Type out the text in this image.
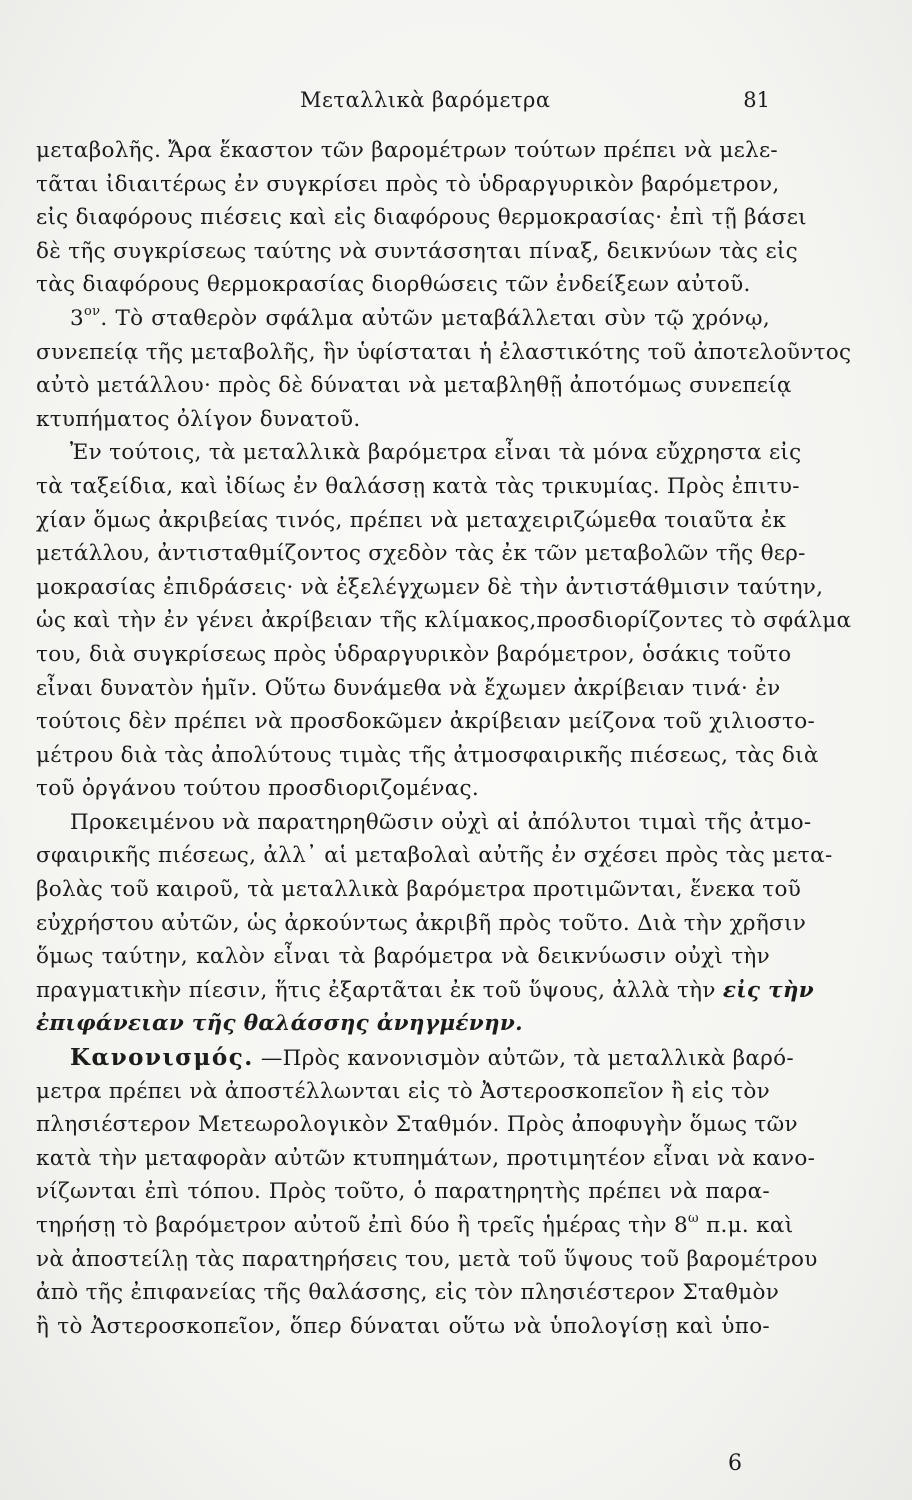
Μεταλλικὰ βαρόμετρα	81
μεταβολῆς. Ἄρα ἕκαστον τῶν βαρομέτρων τούτων πρέπει νὰ μελε-
τᾶται ἰδιαιτέρως ἐν συγκρίσει πρὸς τὸ ὑδραργυρικὸν βαρόμετρον,
εἰς διαφόρους πιέσεις καὶ εἰς διαφόρους θερμοκρασίας· ἐπὶ τῇ βάσει
δὲ τῆς συγκρίσεως ταύτης νὰ συντάσσηται πίναξ, δεικνύων τὰς εἰς
τὰς διαφόρους θερμοκρασίας διορθώσεις τῶν ἐνδείξεων αὐτοῦ.
$3^{o\nu}$. Τὸ σταθερὸν σφάλμα αὐτῶν μεταβάλλεται σὺν τῷ χρόνῳ,
συνεπείᾳ τῆς μεταβολῆς, ἣν ὑφίσταται ἡ ἐλαστικότης τοῦ ἀποτελοῦντος
αὐτὸ μετάλλου· πρὸς δὲ δύναται νὰ μεταβληθῇ ἀποτόμως συνεπείᾳ
κτυπήματος ὀλίγον δυνατοῦ.
Ἐν τούτοις, τὰ μεταλλικὰ βαρόμετρα εἶναι τὰ μόνα εὔχρηστα εἰς
τὰ ταξείδια, καὶ ἰδίως ἐν θαλάσσῃ κατὰ τὰς τρικυμίας. Πρὸς ἐπιτυ-
χίαν ὅμως ἀκριβείας τινός, πρέπει νὰ μεταχειριζώμεθα τοιαῦτα ἐκ
μετάλλου, ἀντισταθμίζοντος σχεδὸν τὰς ἐκ τῶν μεταβολῶν τῆς θερ-
μοκρασίας ἐπιδράσεις· νὰ ἐξελέγχωμεν δὲ τὴν ἀντιστάθμισιν ταύτην,
ὡς καὶ τὴν ἐν γένει ἀκρίβειαν τῆς κλίμακος,προσδιορίζοντες τὸ σφάλμα
του, διὰ συγκρίσεως πρὸς ὑδραργυρικὸν βαρόμετρον, ὁσάκις τοῦτο
εἶναι δυνατὸν ἡμῖν. Οὕτω δυνάμεθα νὰ ἔχωμεν ἀκρίβειαν τινά· ἐν
τούτοις δὲν πρέπει νὰ προσδοκῶμεν ἀκρίβειαν μείζονα τοῦ χιλιοστο-
μέτρου διὰ τὰς ἀπολύτους τιμὰς τῆς ἀτμοσφαιρικῆς πιέσεως, τὰς διὰ
τοῦ ὀργάνου τούτου προσδιοριζομένας.
Προκειμένου νὰ παρατηρηθῶσιν οὐχὶ αἱ ἀπόλυτοι τιμαὶ τῆς ἀτμο-
σφαιρικῆς πιέσεως, ἀλλ᾽ αἱ μεταβολαὶ αὐτῆς ἐν σχέσει πρὸς τὰς μετα-
βολὰς τοῦ καιροῦ, τὰ μεταλλικὰ βαρόμετρα προτιμῶνται, ἕνεκα τοῦ
εὐχρήστου αὐτῶν, ὡς ἀρκούντως ἀκριβῆ πρὸς τοῦτο. Διὰ τὴν χρῆσιν
ὅμως ταύτην, καλὸν εἶναι τὰ βαρόμετρα νὰ δεικνύωσιν οὐχὶ τὴν
πραγματικὴν πίεσιν, ἥτις ἐξαρτᾶται ἐκ τοῦ ὕψους, ἀλλὰ τὴν εἰς τὴν
ἐπιφάνειαν τῆς θαλάσσης ἀνηγμένην.
Κανονισμός. —Πρὸς κανονισμὸν αὐτῶν, τὰ μεταλλικὰ βαρό-
μετρα πρέπει νὰ ἀποστέλλωνται εἰς τὸ Ἀστεροσκοπεῖον ἢ εἰς τὸν
πλησιέστερον Μετεωρολογικὸν Σταθμόν. Πρὸς ἀποφυγὴν ὅμως τῶν
κατὰ τὴν μεταφορὰν αὐτῶν κτυπημάτων, προτιμητέον εἶναι νὰ κανο-
νίζωνται ἐπὶ τόπου. Πρὸς τοῦτο, ὁ παρατηρητὴς πρέπει νὰ παρα-
τηρήσῃ τὸ βαρόμετρον αὐτοῦ ἐπὶ δύο ἢ τρεῖς ἡμέρας τὴν $8^\omega$ π.μ. καὶ
νὰ ἀποστείλῃ τὰς παρατηρήσεις του, μετὰ τοῦ ὕψους τοῦ βαρομέτρου
ἀπὸ τῆς ἐπιφανείας τῆς θαλάσσης, εἰς τὸν πλησιέστερον Σταθμὸν
ἢ τὸ Ἀστεροσκοπεῖον, ὅπερ δύναται οὕτω νὰ ὑπολογίσῃ καὶ ὑπο-
6
